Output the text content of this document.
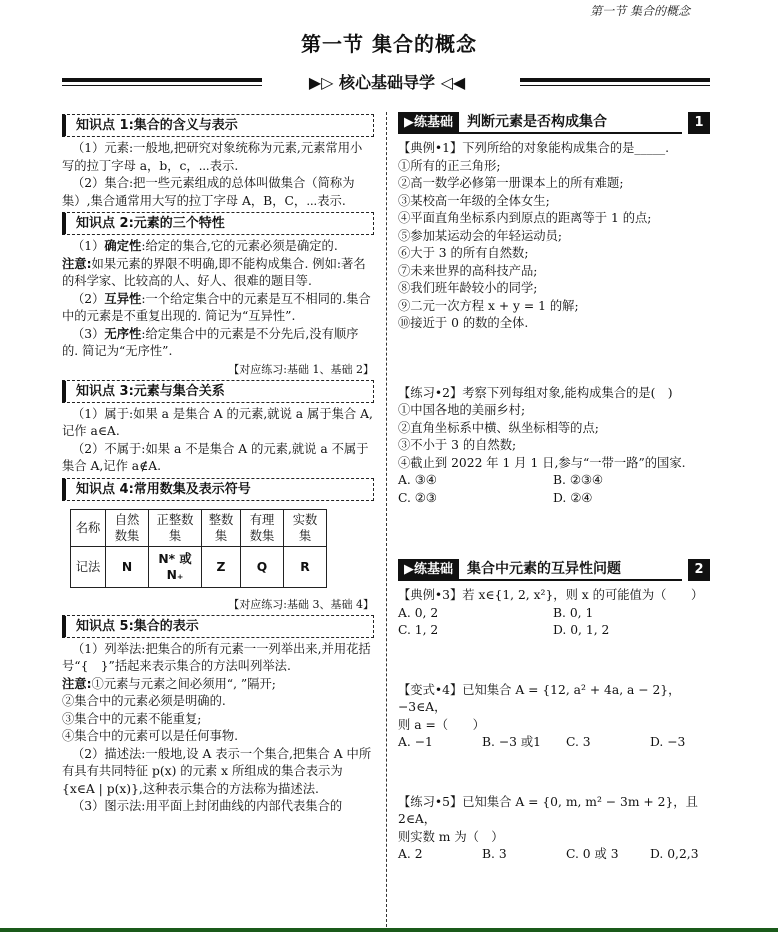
第一节 集合的概念
第一节 集合的概念
▶▷ 核心基础导学 ◁◀
知识点 1:集合的含义与表示

（1）元素:一般地,把研究对象统称为元素,元素常用小写的拉丁字母 a，b，c，⋯表示.

（2）集合:把一些元素组成的总体叫做集合（简称为集）,集合通常用大写的拉丁字母 A，B，C，⋯表示.

知识点 2:元素的三个特性

（1）确定性:给定的集合,它的元素必须是确定的.

注意:如果元素的界限不明确,即不能构成集合. 例如:著名的科学家、比较高的人、好人、很难的题目等.

（2）互异性:一个给定集合中的元素是互不相同的.集合中的元素是不重复出现的. 简记为“互异性”.

（3）无序性:给定集合中的元素是不分先后,没有顺序的. 简记为“无序性”.

【对应练习:基础 1、基础 2】
知识点 3:元素与集合关系

（1）属于:如果 a 是集合 A 的元素,就说 a 属于集合 A,记作 a∈A.

（2）不属于:如果 a 不是集合 A 的元素,就说 a 不属于集合 A,记作 a∉A.

知识点 4:常用数集及表示符号
名称	自然数集	正整数集	整数集	有理数集	实数集
记法	N	N* 或 N₊	Z	Q	R
【对应练习:基础 3、基础 4】
知识点 5:集合的表示

（1）列举法:把集合的所有元素一一列举出来,并用花括号“{　}”括起来表示集合的方法叫列举法.

注意:①元素与元素之间必须用“, ”隔开;

②集合中的元素必须是明确的.

③集合中的元素不能重复;

④集合中的元素可以是任何事物.

（2）描述法:一般地,设 A 表示一个集合,把集合 A 中所有具有共同特征 p(x) 的元素 x 所组成的集合表示为 {x∈A | p(x)},这种表示集合的方法称为描述法.

（3）图示法:用平面上封闭曲线的内部代表集合的

▶练基础	判断元素是否构成集合	1

【典例•1】下列所给的对象能构成集合的是_____.

①所有的正三角形;

②高一数学必修第一册课本上的所有难题;

③某校高一年级的全体女生;

④平面直角坐标系内到原点的距离等于 1 的点;

⑤参加某运动会的年轻运动员;

⑥大于 3 的所有自然数;

⑦未来世界的高科技产品;

⑧我们班年龄较小的同学;

⑨二元一次方程 x + y = 1 的解;

⑩接近于 0 的数的全体.

【练习•2】考察下列每组对象,能构成集合的是(　)

①中国各地的美丽乡村;

②直角坐标系中横、纵坐标相等的点;

③不小于 3 的自然数;

④截止到 2022 年 1 月 1 日,参与“一带一路”的国家.

A. ③④	B. ②③④
C. ②③	D. ②④
▶练基础	集合中元素的互异性问题	2

【典例•3】若 x∈{1, 2, x²}，则 x 的可能值为（　　）

A. 0, 2	B. 0, 1
C. 1, 2	D. 0, 1, 2

【变式•4】已知集合 A = {12, a² + 4a, a − 2}，−3∈A，

则 a =（　　）

A. −1	B. −3 或1	C. 3	D. −3

【练习•5】已知集合 A = {0, m, m² − 3m + 2}，且 2∈A，

则实数 m 为（　）

A. 2	B. 3	C. 0 或 3	D. 0,2,3
